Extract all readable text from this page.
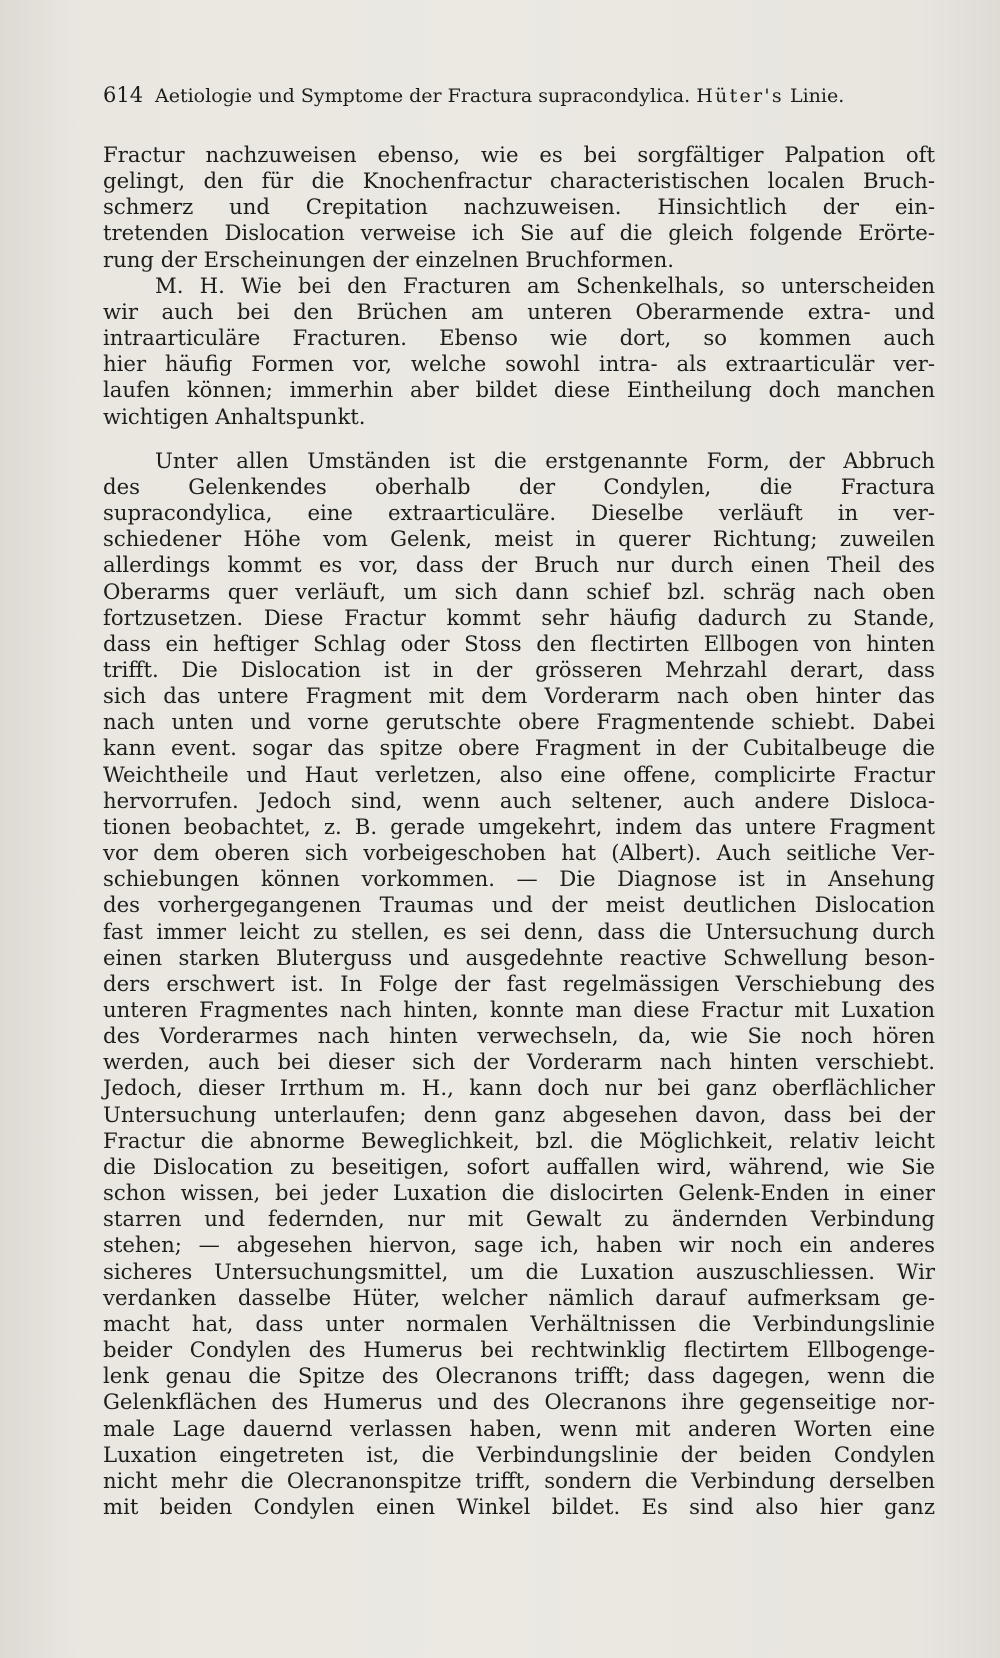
614 Aetiologie und Symptome der Fractura supracondylica. Hüter's Linie.
Fractur nachzuweisen ebenso, wie es bei sorgfältiger Palpation oft
gelingt, den für die Knochenfractur characteristischen localen Bruch-
schmerz und Crepitation nachzuweisen. Hinsichtlich der ein-
tretenden Dislocation verweise ich Sie auf die gleich folgende Erörte-
rung der Erscheinungen der einzelnen Bruchformen.
M. H. Wie bei den Fracturen am Schenkelhals, so unterscheiden
wir auch bei den Brüchen am unteren Oberarmende extra- und
intraarticuläre Fracturen. Ebenso wie dort, so kommen auch
hier häufig Formen vor, welche sowohl intra- als extraarticulär ver-
laufen können; immerhin aber bildet diese Eintheilung doch manchen
wichtigen Anhaltspunkt.
Unter allen Umständen ist die erstgenannte Form, der Abbruch
des Gelenkendes oberhalb der Condylen, die Fractura
supracondylica, eine extraarticuläre. Dieselbe verläuft in ver-
schiedener Höhe vom Gelenk, meist in querer Richtung; zuweilen
allerdings kommt es vor, dass der Bruch nur durch einen Theil des
Oberarms quer verläuft, um sich dann schief bzl. schräg nach oben
fortzusetzen. Diese Fractur kommt sehr häufig dadurch zu Stande,
dass ein heftiger Schlag oder Stoss den flectirten Ellbogen von hinten
trifft. Die Dislocation ist in der grösseren Mehrzahl derart, dass
sich das untere Fragment mit dem Vorderarm nach oben hinter das
nach unten und vorne gerutschte obere Fragmentende schiebt. Dabei
kann event. sogar das spitze obere Fragment in der Cubitalbeuge die
Weichtheile und Haut verletzen, also eine offene, complicirte Fractur
hervorrufen. Jedoch sind, wenn auch seltener, auch andere Disloca-
tionen beobachtet, z. B. gerade umgekehrt, indem das untere Fragment
vor dem oberen sich vorbeigeschoben hat (Albert). Auch seitliche Ver-
schiebungen können vorkommen. — Die Diagnose ist in Ansehung
des vorhergegangenen Traumas und der meist deutlichen Dislocation
fast immer leicht zu stellen, es sei denn, dass die Untersuchung durch
einen starken Bluterguss und ausgedehnte reactive Schwellung beson-
ders erschwert ist. In Folge der fast regelmässigen Verschiebung des
unteren Fragmentes nach hinten, konnte man diese Fractur mit Luxation
des Vorderarmes nach hinten verwechseln, da, wie Sie noch hören
werden, auch bei dieser sich der Vorderarm nach hinten verschiebt.
Jedoch, dieser Irrthum m. H., kann doch nur bei ganz oberflächlicher
Untersuchung unterlaufen; denn ganz abgesehen davon, dass bei der
Fractur die abnorme Beweglichkeit, bzl. die Möglichkeit, relativ leicht
die Dislocation zu beseitigen, sofort auffallen wird, während, wie Sie
schon wissen, bei jeder Luxation die dislocirten Gelenk-Enden in einer
starren und federnden, nur mit Gewalt zu ändernden Verbindung
stehen; — abgesehen hiervon, sage ich, haben wir noch ein anderes
sicheres Untersuchungsmittel, um die Luxation auszuschliessen. Wir
verdanken dasselbe Hüter, welcher nämlich darauf aufmerksam ge-
macht hat, dass unter normalen Verhältnissen die Verbindungslinie
beider Condylen des Humerus bei rechtwinklig flectirtem Ellbogenge-
lenk genau die Spitze des Olecranons trifft; dass dagegen, wenn die
Gelenkflächen des Humerus und des Olecranons ihre gegenseitige nor-
male Lage dauernd verlassen haben, wenn mit anderen Worten eine
Luxation eingetreten ist, die Verbindungslinie der beiden Condylen
nicht mehr die Olecranonspitze trifft, sondern die Verbindung derselben
mit beiden Condylen einen Winkel bildet. Es sind also hier ganz
